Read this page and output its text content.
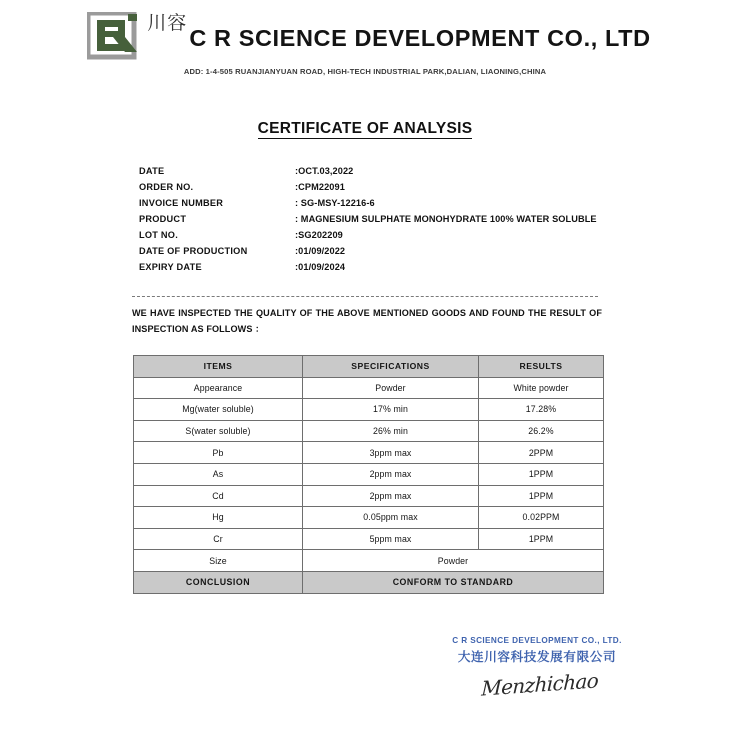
川容
C R SCIENCE DEVELOPMENT CO., LTD
ADD: 1-4-505 RUANJIANYUAN ROAD, HIGH-TECH INDUSTRIAL PARK,DALIAN, LIAONING,CHINA
CERTIFICATE OF ANALYSIS
DATE	:OCT.03,2022
ORDER NO.	:CPM22091
INVOICE NUMBER	: SG-MSY-12216-6
PRODUCT	: MAGNESIUM SULPHATE MONOHYDRATE 100% WATER SOLUBLE
LOT NO.	:SG202209
DATE OF PRODUCTION	:01/09/2022
EXPIRY DATE	:01/09/2024
WE HAVE INSPECTED THE QUALITY OF THE ABOVE MENTIONED GOODS AND FOUND THE RESULT OF
INSPECTION AS FOLLOWS ：
ITEMS	SPECIFICATIONS	RESULTS
Appearance	Powder	White powder
Mg(water soluble)	17% min	17.28%
S(water soluble)	26% min	26.2%
Pb	3ppm max	2PPM
As	2ppm max	1PPM
Cd	2ppm max	1PPM
Hg	0.05ppm max	0.02PPM
Cr	5ppm max	1PPM
Size	Powder	
CONCLUSION	CONFORM TO STANDARD	
C R SCIENCE DEVELOPMENT CO., LTD.
大连川容科技发展有限公司
Menzhichao
